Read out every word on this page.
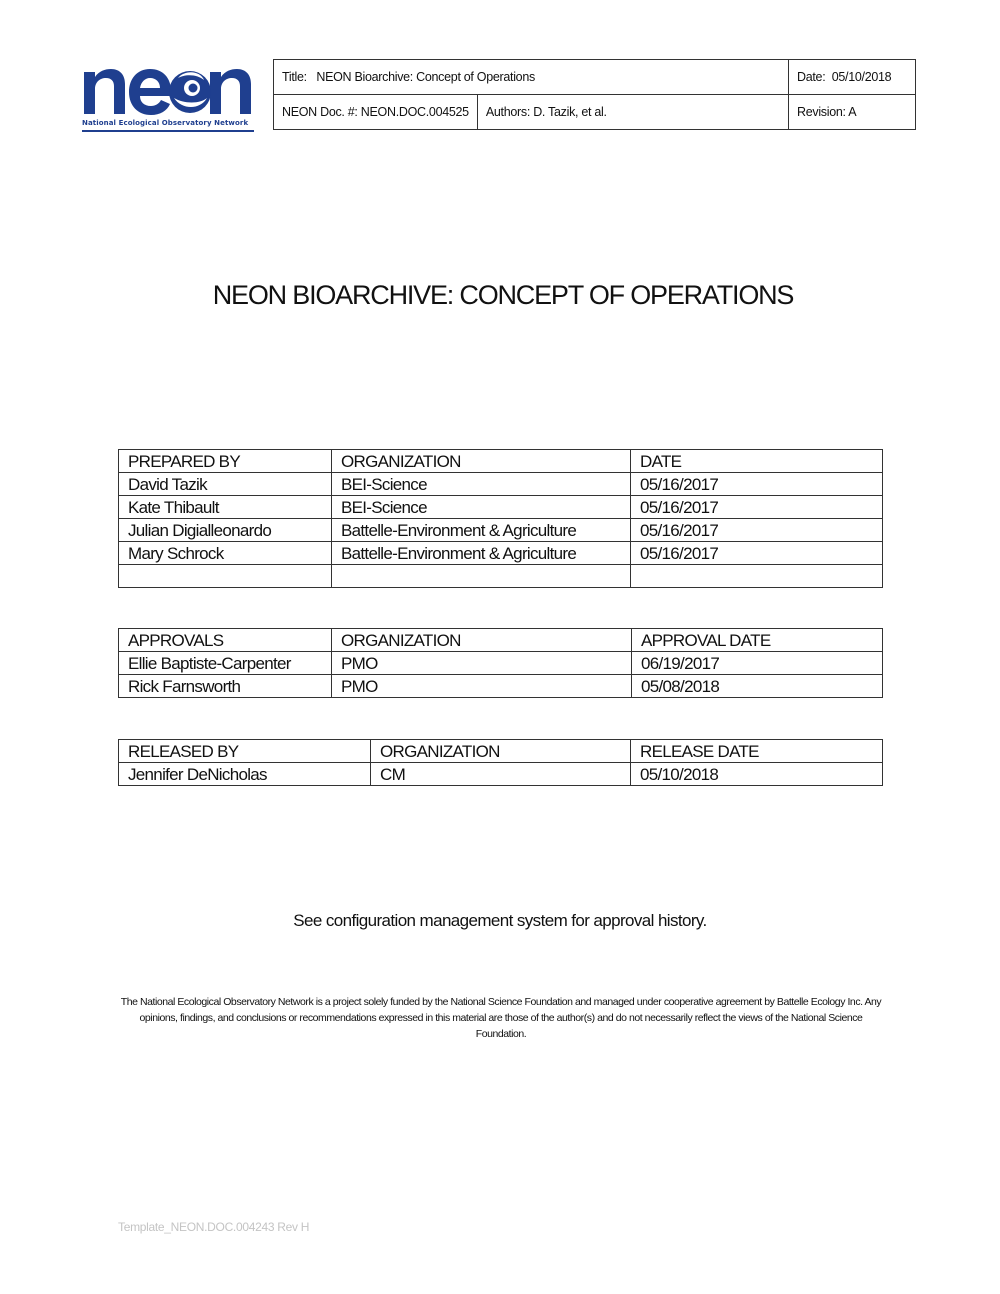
National Ecological Observatory Network
Title: NEON Bioarchive: Concept of Operations		Date: 05/10/2018
NEON Doc. #: NEON.DOC.004525	Authors: D. Tazik, et al.	Revision: A
NEON BIOARCHIVE: CONCEPT OF OPERATIONS
PREPARED BY	ORGANIZATION	DATE
David Tazik	BEI-Science	05/16/2017
Kate Thibault	BEI-Science	05/16/2017
Julian Digialleonardo	Battelle-Environment & Agriculture	05/16/2017
Mary Schrock	Battelle-Environment & Agriculture	05/16/2017

APPROVALS	ORGANIZATION	APPROVAL DATE
Ellie Baptiste-Carpenter	PMO	06/19/2017
Rick Farnsworth	PMO	05/08/2018
RELEASED BY	ORGANIZATION	RELEASE DATE
Jennifer DeNicholas	CM	05/10/2018
See configuration management system for approval history.
The National Ecological Observatory Network is a project solely funded by the National Science Foundation and managed under cooperative agreement by Battelle Ecology Inc. Any opinions, findings, and conclusions or recommendations expressed in this material are those of the author(s) and do not necessarily reflect the views of the National Science Foundation.
Template_NEON.DOC.004243 Rev H
